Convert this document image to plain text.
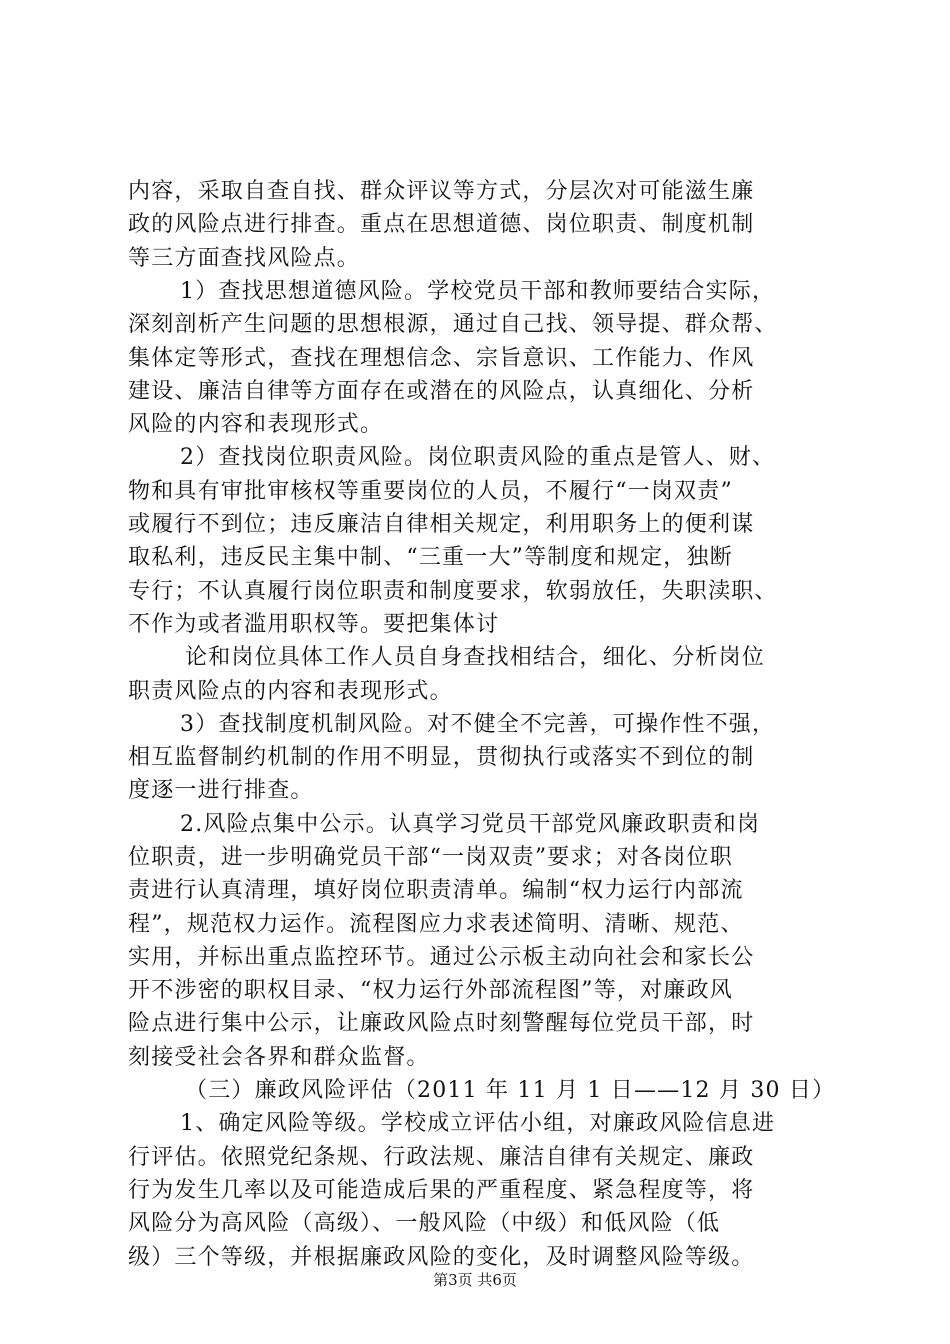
内容，采取自查自找、群众评议等方式，分层次对可能滋生廉
政的风险点进行排查。重点在思想道德、岗位职责、制度机制
等三方面查找风险点。
1）查找思想道德风险。学校党员干部和教师要结合实际，
深刻剖析产生问题的思想根源，通过自己找、领导提、群众帮、
集体定等形式，查找在理想信念、宗旨意识、工作能力、作风
建设、廉洁自律等方面存在或潜在的风险点，认真细化、分析
风险的内容和表现形式。
2）查找岗位职责风险。岗位职责风险的重点是管人、财、
物和具有审批审核权等重要岗位的人员，不履行“一岗双责”
或履行不到位；违反廉洁自律相关规定，利用职务上的便利谋
取私利，违反民主集中制、“三重一大”等制度和规定，独断
专行；不认真履行岗位职责和制度要求，软弱放任，失职渎职、
不作为或者滥用职权等。要把集体讨
论和岗位具体工作人员自身查找相结合，细化、分析岗位
职责风险点的内容和表现形式。
3）查找制度机制风险。对不健全不完善，可操作性不强，
相互监督制约机制的作用不明显，贯彻执行或落实不到位的制
度逐一进行排查。
2.风险点集中公示。认真学习党员干部党风廉政职责和岗
位职责，进一步明确党员干部“一岗双责”要求；对各岗位职
责进行认真清理，填好岗位职责清单。编制“权力运行内部流
程”，规范权力运作。流程图应力求表述简明、清晰、规范、
实用，并标出重点监控环节。通过公示板主动向社会和家长公
开不涉密的职权目录、“权力运行外部流程图”等，对廉政风
险点进行集中公示，让廉政风险点时刻警醒每位党员干部，时
刻接受社会各界和群众监督。
（三）廉政风险评估（2011 年 11 月 1 日——12 月 30 日）
1、确定风险等级。学校成立评估小组，对廉政风险信息进
行评估。依照党纪条规、行政法规、廉洁自律有关规定、廉政
行为发生几率以及可能造成后果的严重程度、紧急程度等，将
风险分为高风险（高级）、一般风险（中级）和低风险（低
级）三个等级，并根据廉政风险的变化，及时调整风险等级。
第3页 共6页
